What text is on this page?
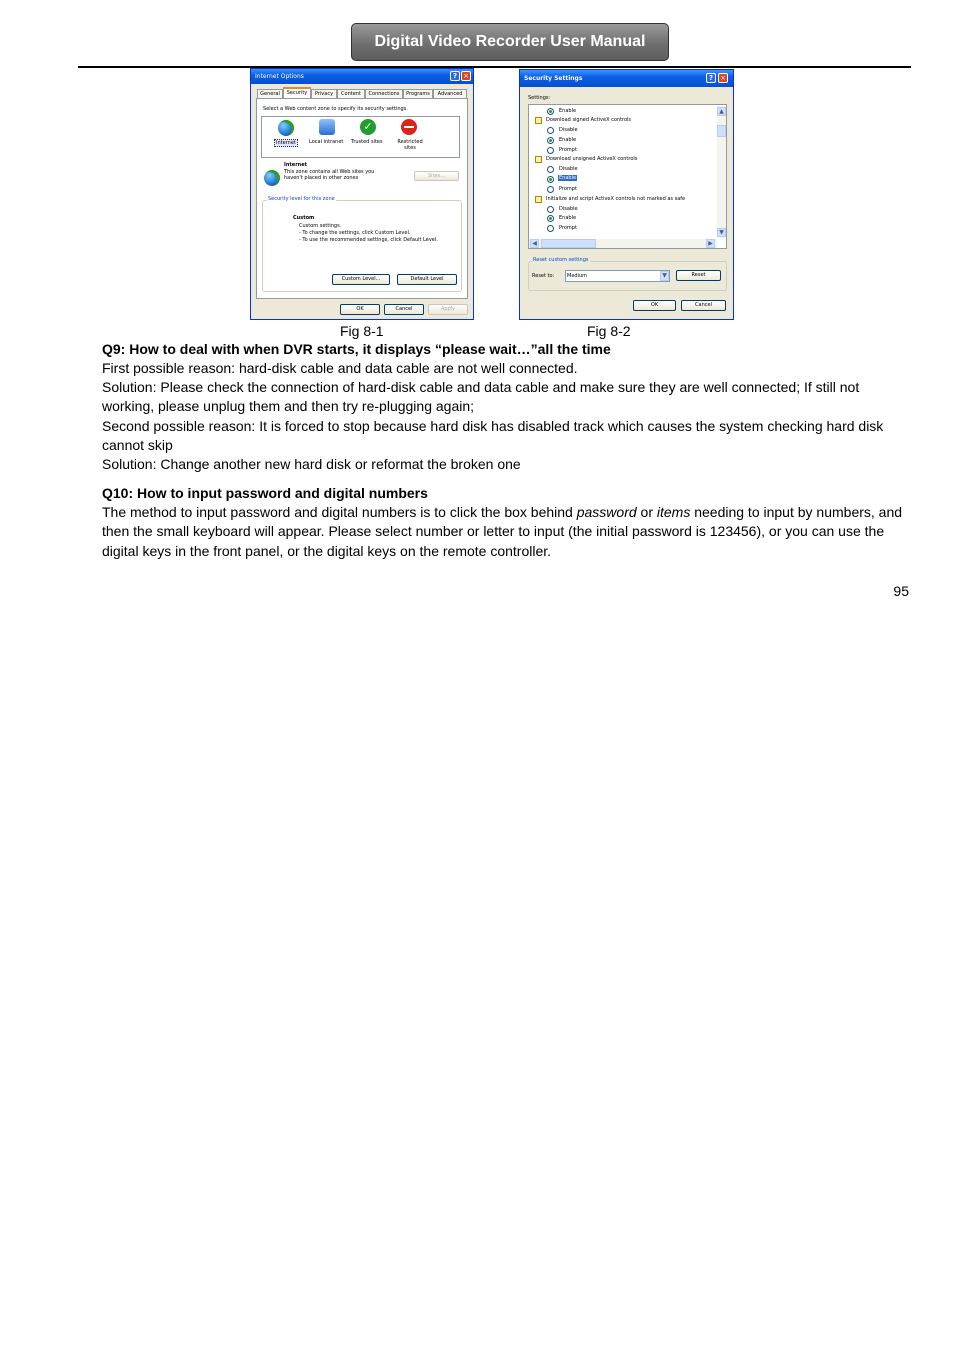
Digital Video Recorder User Manual
Internet Options	? ×
General	Security	Privacy	Content	Connections	Programs	Advanced
Select a Web content zone to specify its security settings.
Internet	Local intranet
✓
Trusted sites	Restricted sites
Internet
This zone contains all Web sites you haven't placed in other zones	Sites...
Security level for this zone
Custom
Custom settings.
- To change the settings, click Custom Level.
- To use the recommended settings, click Default Level.
Custom Level...	Default Level
OK	Cancel	Apply
Security Settings	?	×
Settings:
Enable
Download signed ActiveX controls
Disable
Enable
Prompt
Download unsigned ActiveX controls
Disable
Enable
Prompt
Initialize and script ActiveX controls not marked as safe
Disable
Enable
Prompt
▲
▼
◀	▶
Reset custom settings
Reset to:	Medium	▼	Reset
OK	Cancel
Fig 8-1	Fig 8-2
Q9: How to deal with when DVR starts, it displays “please wait…”all the time
First possible reason: hard-disk cable and data cable are not well connected.
Solution: Please check the connection of hard-disk cable and data cable and make sure they are well connected; If still not working, please unplug them and then try re-plugging again;
Second possible reason: It is forced to stop because hard disk has disabled track which causes the system checking hard disk cannot skip
Solution: Change another new hard disk or reformat the broken one
Q10: How to input password and digital numbers
The method to input password and digital numbers is to click the box behind password or items needing to input by numbers, and then the small keyboard will appear. Please select number or letter to input (the initial password is 123456), or you can use the digital keys in the front panel, or the digital keys on the remote controller.
95
